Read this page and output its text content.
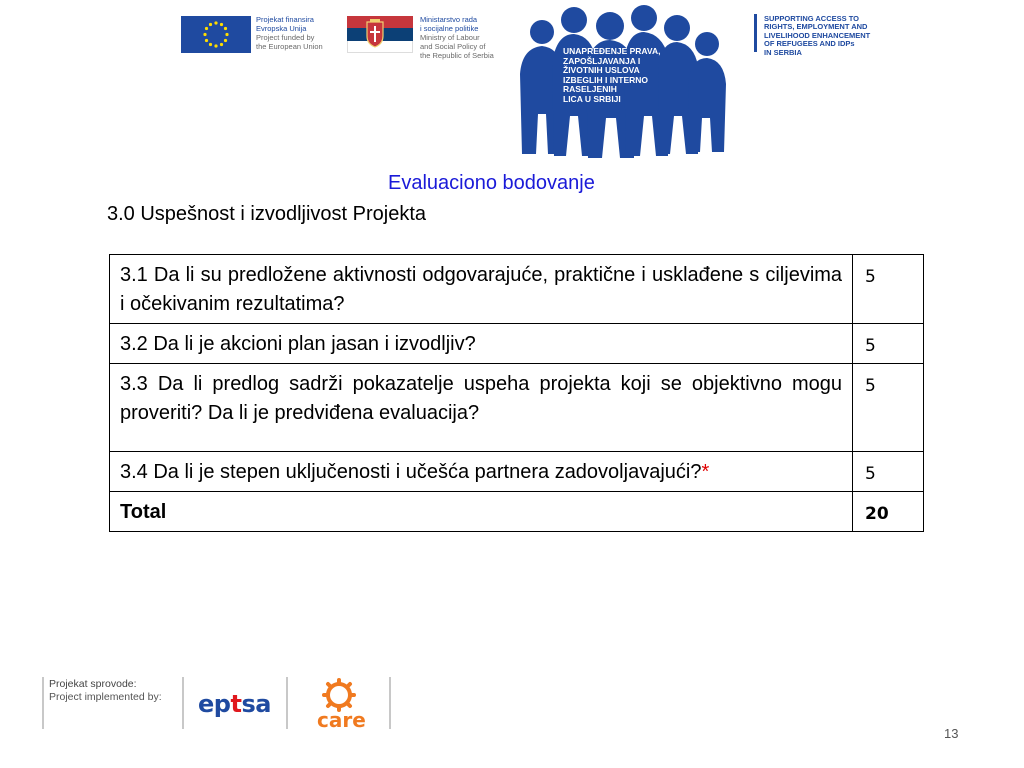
Projekat finansira
Evropska Unija
Project funded by
the European Union
Ministarstvo rada
i socijalne politike
Ministry of Labour
and Social Policy of
the Republic of Serbia	UNAPREĐENJE PRAVA,
ZAPOŠLJAVANJA I
ŽIVOTNIH USLOVA
IZBEGLIH I INTERNO
RASELJENIH
LICA U SRBIJI
SUPPORTING ACCESS TO
RIGHTS, EMPLOYMENT AND
LIVELIHOOD ENHANCEMENT
OF REFUGEES AND IDPs
IN SERBIA
Evaluaciono bodovanje
3.0 Uspešnost i izvodljivost Projekta
3.1 Da li su predložene aktivnosti odgovarajuće, praktične i usklađene s ciljevima i očekivanim rezultatima?	5
3.2 Da li je akcioni plan jasan i izvodljiv?	5
3.3 Da li predlog sadrži pokazatelje uspeha projekta koji se objektivno mogu proveriti? Da li je predviđena evaluacija?	5
3.4 Da li je stepen uključenosti i učešća partnera zadovoljavajući?*	5
Total	20
Projekat sprovode:
Project implemented by: eptsa
care
13
